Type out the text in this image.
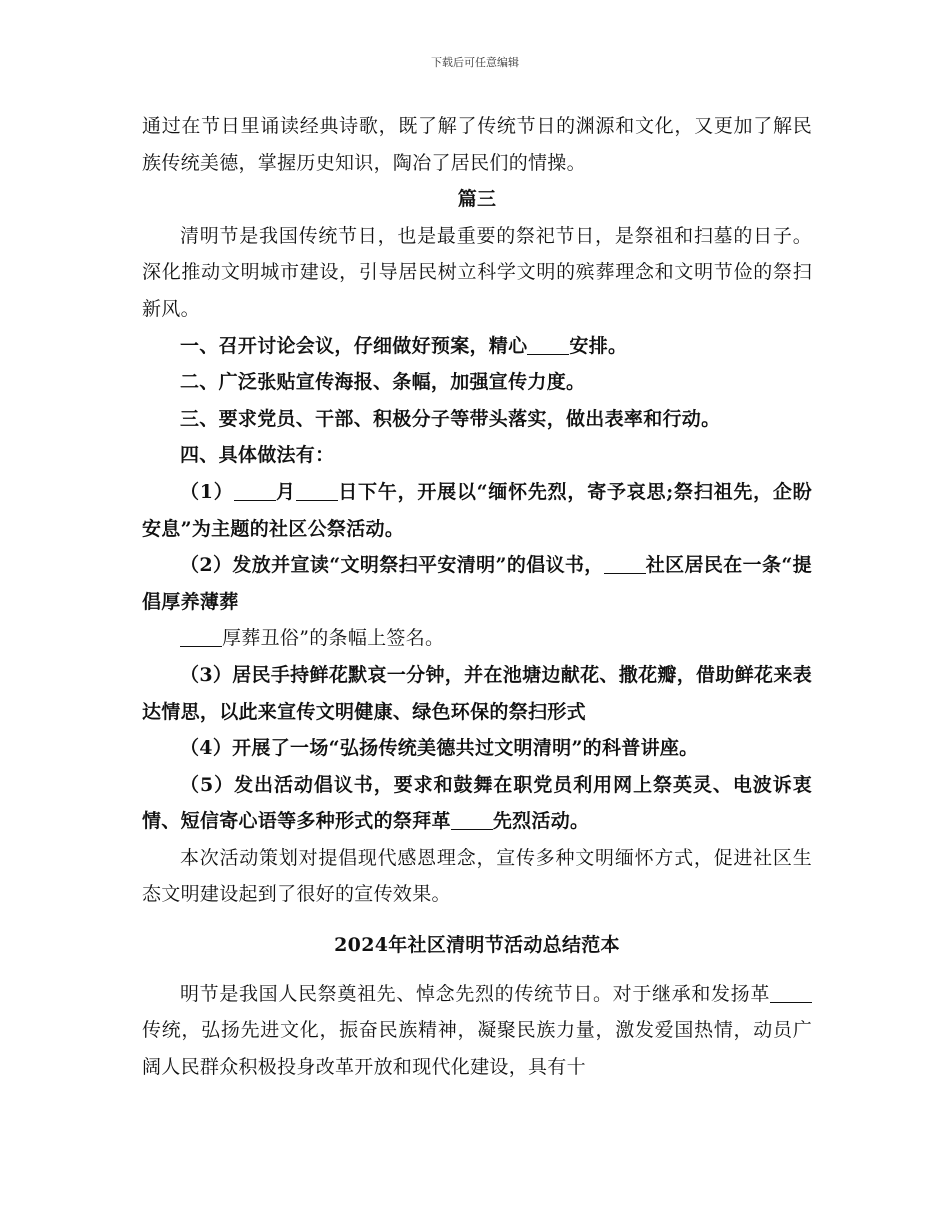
下载后可任意编辑

通过在节日里诵读经典诗歌，既了解了传统节日的渊源和文化，又更加了解民族传统美德，掌握历史知识，陶冶了居民们的情操。

篇三

清明节是我国传统节日，也是最重要的祭祀节日，是祭祖和扫墓的日子。深化推动文明城市建设，引导居民树立科学文明的殡葬理念和文明节俭的祭扫新风。

一、召开讨论会议，仔细做好预案，精心 安排。

二、广泛张贴宣传海报、条幅，加强宣传力度。

三、要求党员、干部、积极分子等带头落实，做出表率和行动。

四、具体做法有：

（1） 月 日下午，开展以“缅怀先烈，寄予哀思;祭扫祖先，企盼安息”为主题的社区公祭活动。

（2）发放并宣读“文明祭扫平安清明”的倡议书， 社区居民在一条“提倡厚养薄葬

厚葬丑俗”的条幅上签名。

（3）居民手持鲜花默哀一分钟，并在池塘边献花、撒花瓣，借助鲜花来表达情思，以此来宣传文明健康、绿色环保的祭扫形式

（4）开展了一场“弘扬传统美德共过文明清明”的科普讲座。

（5）发出活动倡议书，要求和鼓舞在职党员利用网上祭英灵、电波诉衷情、短信寄心语等多种形式的祭拜革 先烈活动。

本次活动策划对提倡现代感恩理念，宣传多种文明缅怀方式，促进社区生态文明建设起到了很好的宣传效果。

2024年社区清明节活动总结范本

明节是我国人民祭奠祖先、悼念先烈的传统节日。对于继承和发扬革传统，弘扬先进文化，振奋民族精神，凝聚民族力量，激发爱国热情，动员广阔人民群众积极投身改革开放和现代化建设，具有十
